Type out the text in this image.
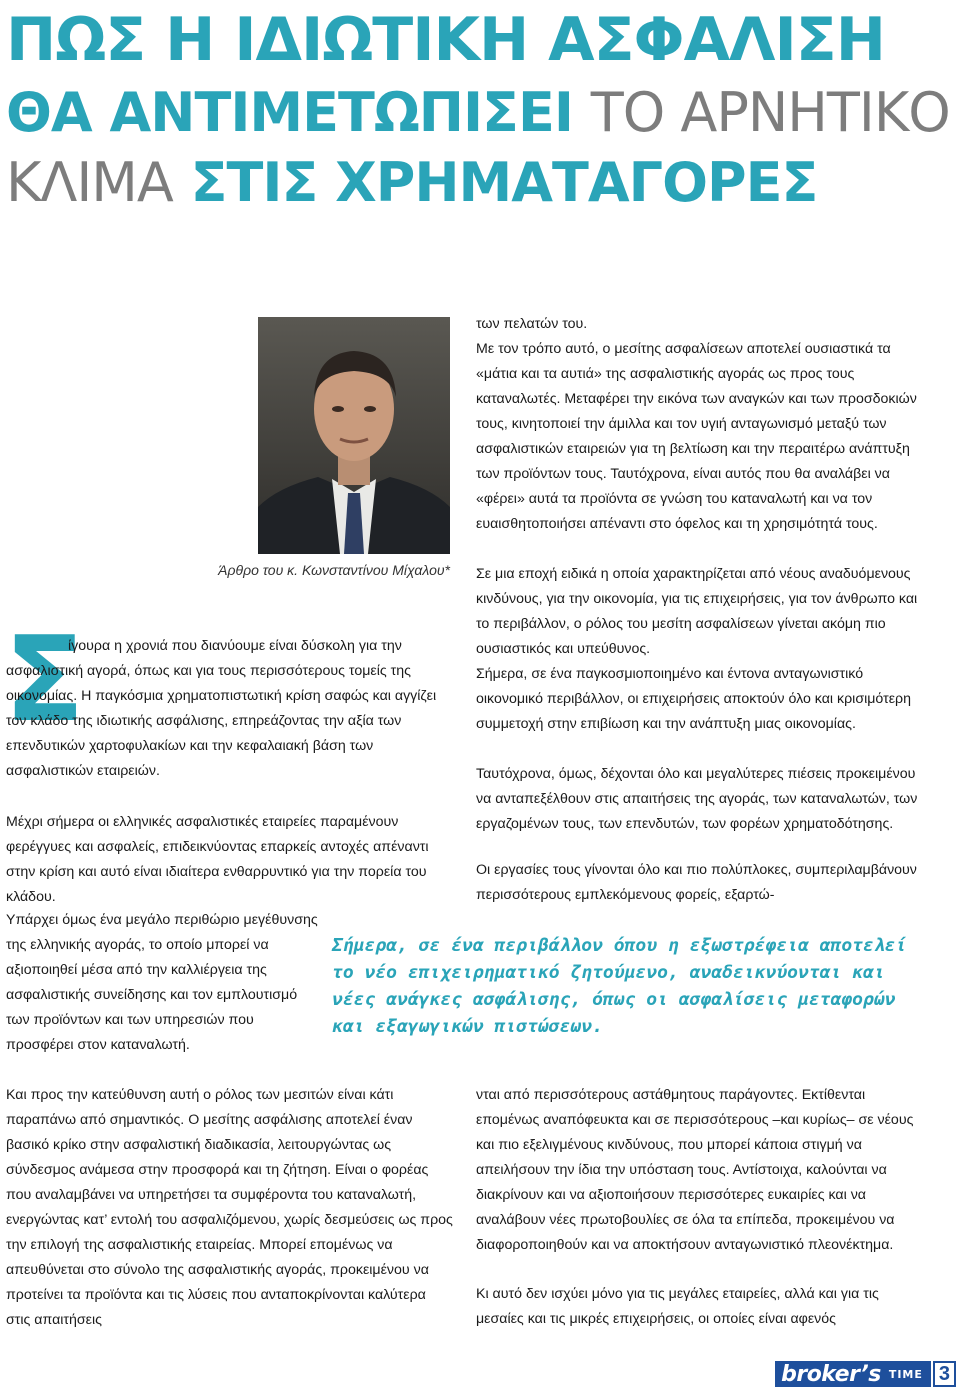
ΠΩΣ Η ΙΔΙΩΤΙΚΗ ΑΣΦΑΛΙΣΗ
ΘΑ ΑΝΤΙΜΕΤΩΠΙΣΕΙ ΤΟ ΑΡΝΗΤΙΚΟ
ΚΛΙΜΑ ΣΤΙΣ ΧΡΗΜΑΤΑΓΟΡΕΣ
Άρθρο του κ. Κωνσταντίνου Μίχαλου*
Σ

ίγουρα η χρονιά που διανύουμε είναι δύσκολη για την ασφαλιστική αγορά, όπως και για τους περισσότερους τομείς της οικονομίας. Η παγκόσμια χρηματοπιστωτική κρίση σαφώς και αγγίζει τον κλάδο της ιδιωτικής ασφάλισης, επηρεάζοντας την αξία των επενδυτικών χαρτοφυλακίων και την κεφαλαιακή βάση των ασφαλιστικών εταιρειών.

Μέχρι σήμερα οι ελληνικές ασφαλιστικές εταιρείες παραμένουν φερέγγυες και ασφαλείς, επιδεικνύοντας επαρκείς αντοχές απέναντι στην κρίση και αυτό είναι ιδιαίτερα ενθαρρυντικό για την πορεία του κλάδου.

Υπάρχει όμως ένα μεγάλο περιθώριο μεγέθυνσης της ελληνικής αγοράς, το οποίο μπορεί να αξιοποιηθεί μέσα από την καλλιέργεια της ασφαλιστικής συνείδησης και τον εμπλουτισμό των προϊόντων και των υπηρεσιών που προσφέρει στον καταναλωτή.

Και προς την κατεύθυνση αυτή ο ρόλος των μεσιτών είναι κάτι παραπάνω από σημαντικός. Ο μεσίτης ασφάλισης αποτελεί έναν βασικό κρίκο στην ασφαλιστική διαδικασία, λειτουργώντας ως σύνδεσμος ανάμεσα στην προσφορά και τη ζήτηση. Είναι ο φορέας που αναλαμβάνει να υπηρετήσει τα συμφέροντα του καταναλωτή, ενεργώντας κατ’ εντολή του ασφαλιζόμενου, χωρίς δεσμεύσεις ως προς την επιλογή της ασφαλιστικής εταιρείας. Μπορεί επομένως να απευθύνεται στο σύνολο της ασφαλιστικής αγοράς, προκειμένου να προτείνει τα προϊόντα και τις λύσεις που ανταποκρίνονται καλύτερα στις απαιτήσεις

των πελατών του.

Με τον τρόπο αυτό, ο μεσίτης ασφαλίσεων αποτελεί ουσιαστικά τα «μάτια και τα αυτιά» της ασφαλιστικής αγοράς ως προς τους καταναλωτές. Μεταφέρει την εικόνα των αναγκών και των προσδοκιών τους, κινητοποιεί την άμιλλα και τον υγιή ανταγωνισμό μεταξύ των ασφαλιστικών εταιρειών για τη βελτίωση και την περαιτέρω ανάπτυξη των προϊόντων τους. Ταυτόχρονα, είναι αυτός που θα αναλάβει να «φέρει» αυτά τα προϊόντα σε γνώση του καταναλωτή και να τον ευαισθητοποιήσει απέναντι στο όφελος και τη χρησιμότητά τους.

Σε μια εποχή ειδικά η οποία χαρακτηρίζεται από νέους αναδυόμενους κινδύνους, για την οικονομία, για τις επιχειρήσεις, για τον άνθρωπο και το περιβάλλον, ο ρόλος του μεσίτη ασφαλίσεων γίνεται ακόμη πιο ουσιαστικός και υπεύθυνος.

Σήμερα, σε ένα παγκοσμιοποιημένο και έντονα ανταγωνιστικό οικονομικό περιβάλλον, οι επιχειρήσεις αποκτούν όλο και κρισιμότερη συμμετοχή στην επιβίωση και την ανάπτυξη μιας οικονομίας.

Ταυτόχρονα, όμως, δέχονται όλο και μεγαλύτερες πιέσεις προκειμένου να ανταπεξέλθουν στις απαιτήσεις της αγοράς, των καταναλωτών, των εργαζομένων τους, των επενδυτών, των φορέων χρηματοδότησης.

Οι εργασίες τους γίνονται όλο και πιο πολύπλοκες, συμπεριλαμβάνουν περισσότερους εμπλεκόμενους φορείς, εξαρτώ-

Σήμερα, σε ένα περιβάλλον όπου η εξωστρέφεια αποτελεί το νέο επιχειρηματικό ζητούμενο, αναδεικνύονται και νέες ανάγκες ασφάλισης, όπως οι ασφαλίσεις μεταφορών και εξαγωγικών πιστώσεων.

νται από περισσότερους αστάθμητους παράγοντες. Εκτίθενται επομένως αναπόφευκτα και σε περισσότερους –και κυρίως– σε νέους και πιο εξελιγμένους κινδύνους, που μπορεί κάποια στιγμή να απειλήσουν την ίδια την υπόσταση τους. Αντίστοιχα, καλούνται να διακρίνουν και να αξιοποιήσουν περισσότερες ευκαιρίες και να αναλάβουν νέες πρωτοβουλίες σε όλα τα επίπεδα, προκειμένου να διαφοροποιηθούν και να αποκτήσουν ανταγωνιστικό πλεονέκτημα.

Κι αυτό δεν ισχύει μόνο για τις μεγάλες εταιρείες, αλλά και για τις μεσαίες και τις μικρές επιχειρήσεις, οι οποίες είναι αφενός

broker’s TIME 3
